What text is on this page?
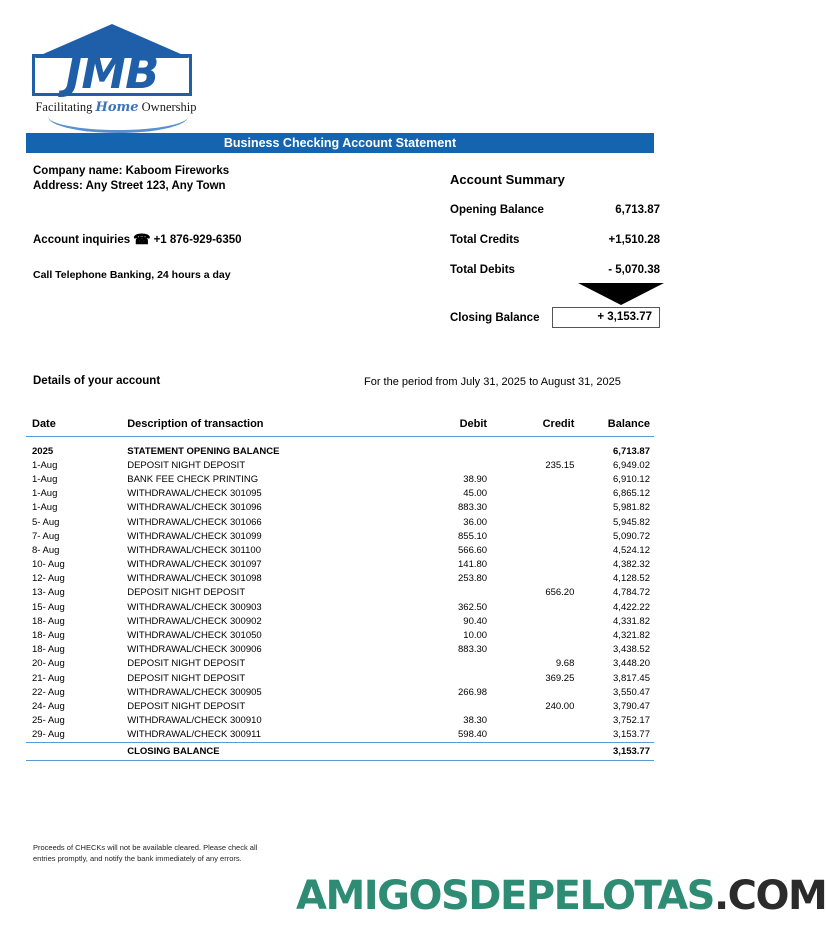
JMB
Facilitating Home Ownership
Business Checking Account Statement
Company name: Kaboom Fireworks
Address: Any Street 123, Any Town
Account inquiries ☎ +1 876-929-6350
Call Telephone Banking, 24 hours a day
Account Summary
Opening Balance	6,713.87
Total Credits	+1,510.28
Total Debits	- 5,070.38
Closing Balance	+ 3,153.77
Details of your account	For the period from July 31, 2025 to August 31, 2025
Date	Description of transaction	Debit	Credit	Balance

2025	STATEMENT OPENING BALANCE			6,713.87
1-Aug	DEPOSIT NIGHT DEPOSIT		235.15	6,949.02
1-Aug	BANK FEE CHECK PRINTING	38.90		6,910.12
1-Aug	WITHDRAWAL/CHECK 301095	45.00		6,865.12
1-Aug	WITHDRAWAL/CHECK 301096	883.30		5,981.82
5- Aug	WITHDRAWAL/CHECK 301066	36.00		5,945.82
7- Aug	WITHDRAWAL/CHECK 301099	855.10		5,090.72
8- Aug	WITHDRAWAL/CHECK 301100	566.60		4,524.12
10- Aug	WITHDRAWAL/CHECK 301097	141.80		4,382.32
12- Aug	WITHDRAWAL/CHECK 301098	253.80		4,128.52
13- Aug	DEPOSIT NIGHT DEPOSIT		656.20	4,784.72
15- Aug	WITHDRAWAL/CHECK 300903	362.50		4,422.22
18- Aug	WITHDRAWAL/CHECK 300902	90.40		4,331.82
18- Aug	WITHDRAWAL/CHECK 301050	10.00		4,321.82
18- Aug	WITHDRAWAL/CHECK 300906	883.30		3,438.52
20- Aug	DEPOSIT NIGHT DEPOSIT		9.68	3,448.20
21- Aug	DEPOSIT NIGHT DEPOSIT		369.25	3,817.45
22- Aug	WITHDRAWAL/CHECK 300905	266.98		3,550.47
24- Aug	DEPOSIT NIGHT DEPOSIT		240.00	3,790.47
25- Aug	WITHDRAWAL/CHECK 300910	38.30		3,752.17
29- Aug	WITHDRAWAL/CHECK 300911	598.40		3,153.77
	CLOSING BALANCE			3,153.77
Proceeds of CHECKs will not be available cleared. Please check all entries promptly, and notify the bank immediately of any errors.
AMIGOSDEPELOTAS.COM
